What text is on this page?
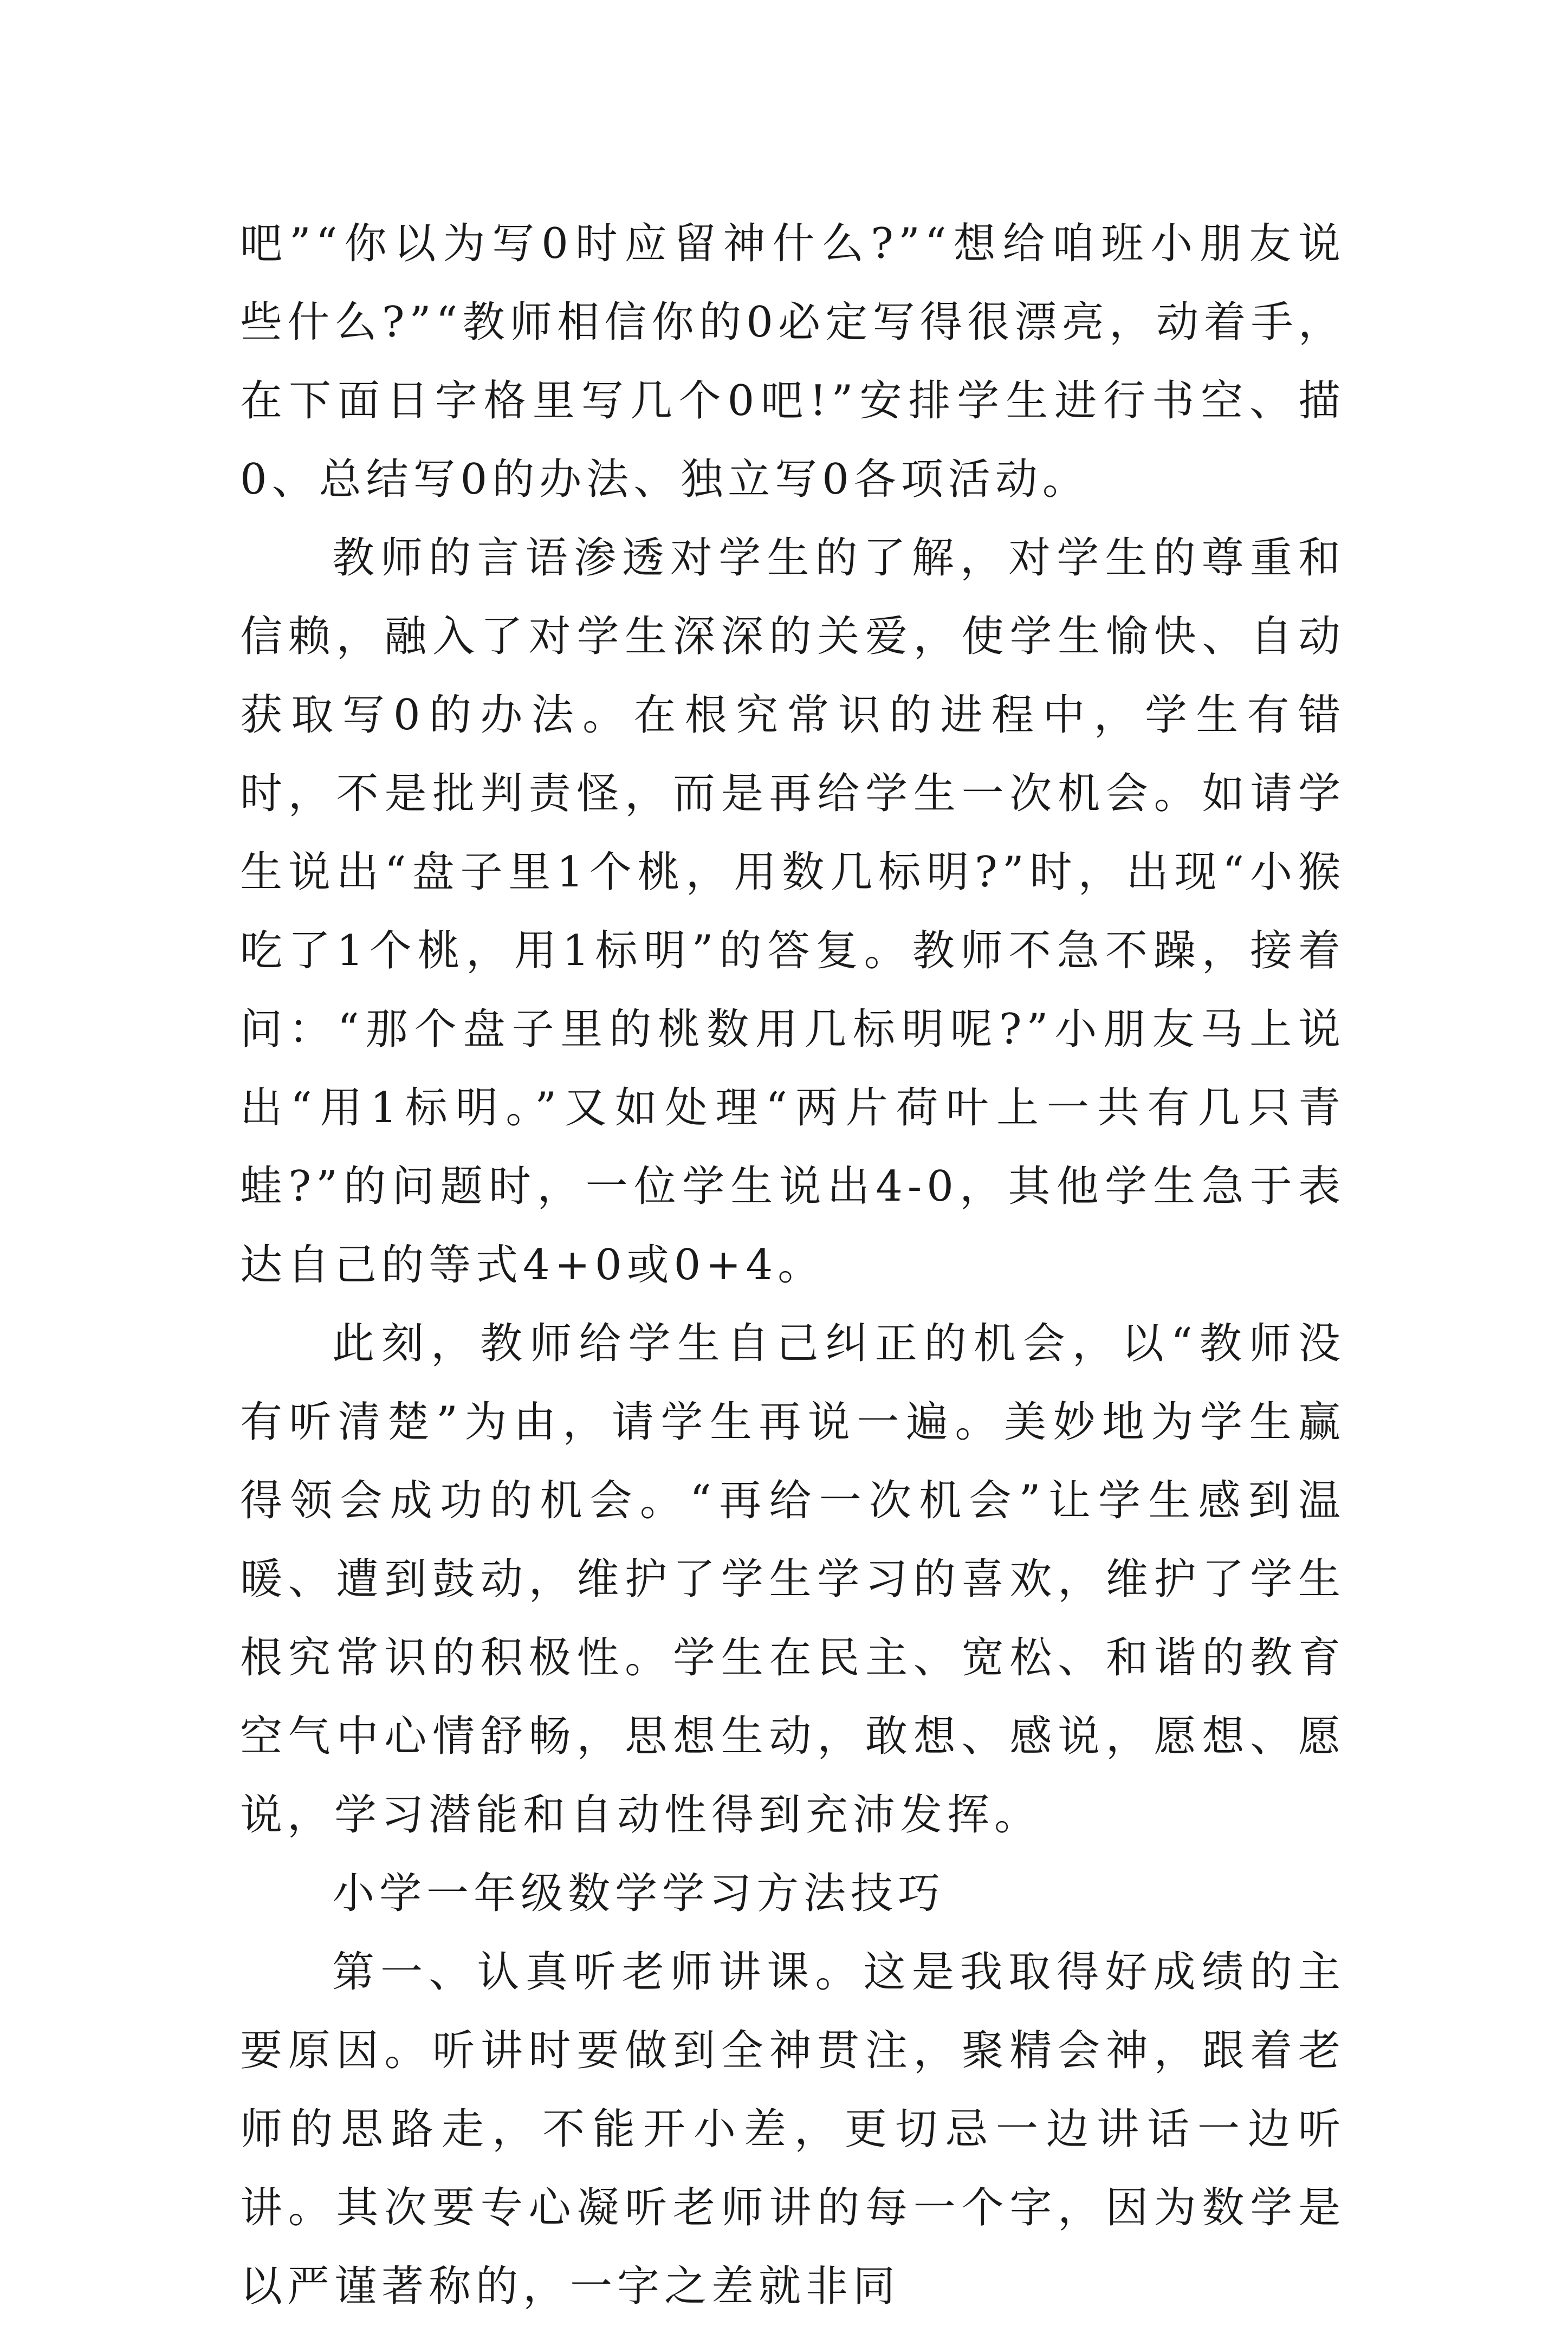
吧”“你以为写0时应留神什么?”“想给咱班小朋友说些什么?”“教师相信你的0必定写得很漂亮，动着手，在下面日字格里写几个0吧!”安排学生进行书空、描0、总结写0的办法、独立写0各项活动。

教师的言语渗透对学生的了解，对学生的尊重和信赖，融入了对学生深深的关爱，使学生愉快、自动获取写0的办法。在根究常识的进程中，学生有错时，不是批判责怪，而是再给学生一次机会。如请学生说出“盘子里1个桃，用数几标明?”时，出现“小猴吃了1个桃，用1标明”的答复。教师不急不躁，接着问：“那个盘子里的桃数用几标明呢?”小朋友马上说出“用1标明。”又如处理“两片荷叶上一共有几只青蛙?”的问题时，一位学生说出4-0，其他学生急于表达自己的等式4+0或0+4。

此刻，教师给学生自己纠正的机会，以“教师没有听清楚”为由，请学生再说一遍。美妙地为学生赢得领会成功的机会。“再给一次机会”让学生感到温暖、遭到鼓动，维护了学生学习的喜欢，维护了学生根究常识的积极性。学生在民主、宽松、和谐的教育空气中心情舒畅，思想生动，敢想、感说，愿想、愿说，学习潜能和自动性得到充沛发挥。

小学一年级数学学习方法技巧

第一、认真听老师讲课。这是我取得好成绩的主要原因。听讲时要做到全神贯注，聚精会神，跟着老师的思路走，不能开小差，更切忌一边讲话一边听讲。其次要专心凝听老师讲的每一个字，因为数学是以严谨著称的，一字之差就非同
